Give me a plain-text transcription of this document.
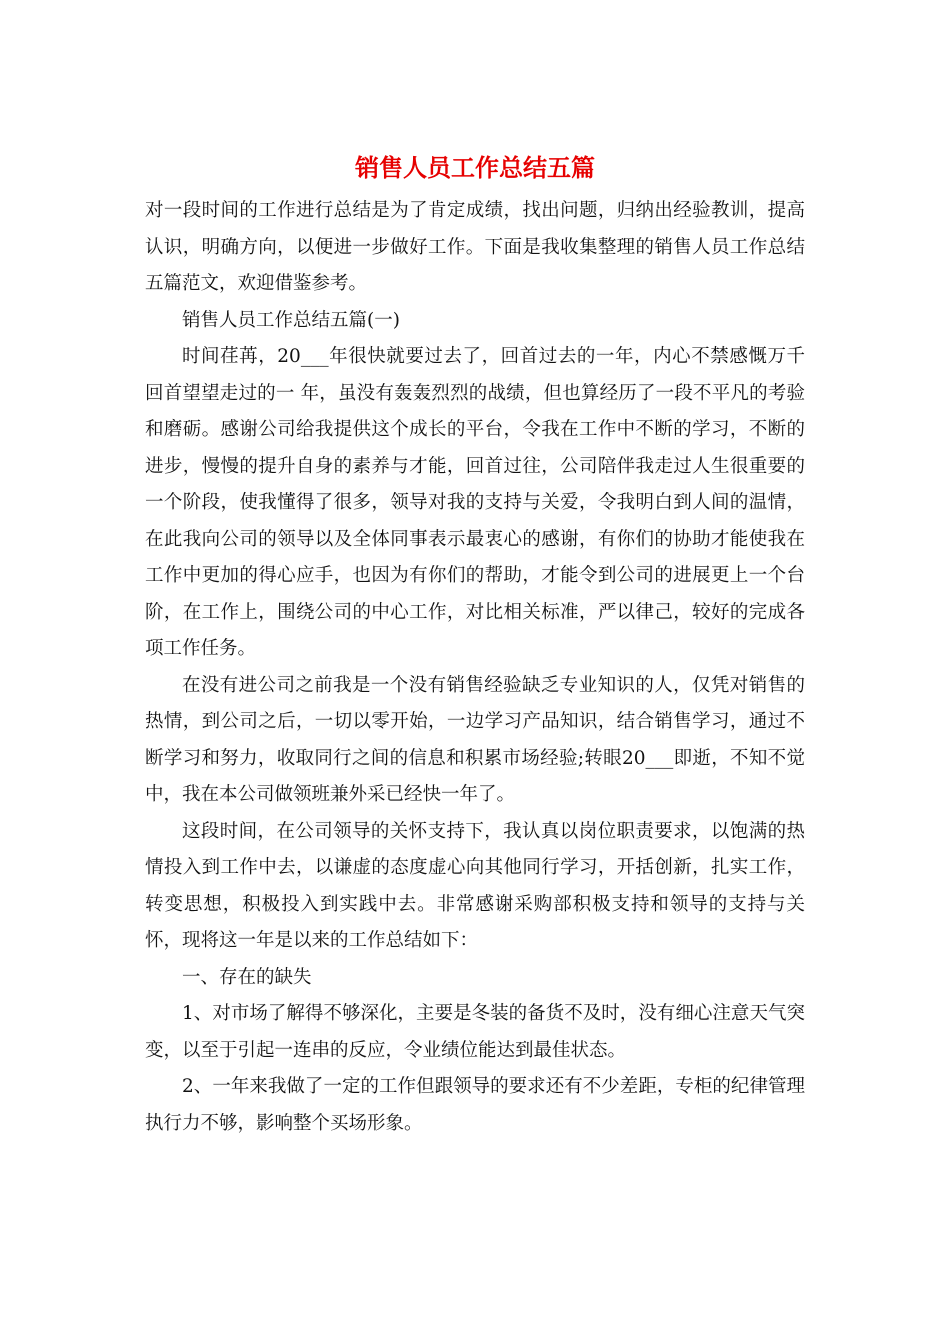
销售人员工作总结五篇

对一段时间的工作进行总结是为了肯定成绩，找出问题，归纳出经验教训，提高认识，明确方向，以便进一步做好工作。下面是我收集整理的销售人员工作总结五篇范文，欢迎借鉴参考。

销售人员工作总结五篇(一)

时间荏苒，20___年很快就要过去了，回首过去的一年，内心不禁感慨万千 回首望望走过的一 年，虽没有轰轰烈烈的战绩，但也算经历了一段不平凡的考验和磨砺。感谢公司给我提供这个成长的平台，令我在工作中不断的学习，不断的进步，慢慢的提升自身的素养与才能，回首过往，公司陪伴我走过人生很重要的一个阶段，使我懂得了很多，领导对我的支持与关爱，令我明白到人间的温情，在此我向公司的领导以及全体同事表示最衷心的感谢，有你们的协助才能使我在工作中更加的得心应手，也因为有你们的帮助，才能令到公司的进展更上一个台阶，在工作上，围绕公司的中心工作，对比相关标准，严以律己，较好的完成各项工作任务。

在没有进公司之前我是一个没有销售经验缺乏专业知识的人，仅凭对销售的热情，到公司之后，一切以零开始，一边学习产品知识，结合销售学习，通过不断学习和努力，收取同行之间的信息和积累市场经验;转眼20___即逝，不知不觉中，我在本公司做领班兼外采已经快一年了。

这段时间，在公司领导的关怀支持下，我认真以岗位职责要求，以饱满的热情投入到工作中去，以谦虚的态度虚心向其他同行学习，开括创新，扎实工作，转变思想，积极投入到实践中去。非常感谢采购部积极支持和领导的支持与关怀，现将这一年是以来的工作总结如下：

一、存在的缺失

1、对市场了解得不够深化，主要是冬装的备货不及时，没有细心注意天气突变，以至于引起一连串的反应，令业绩位能达到最佳状态。

2、一年来我做了一定的工作但跟领导的要求还有不少差距，专柜的纪律管理执行力不够，影响整个买场形象。
